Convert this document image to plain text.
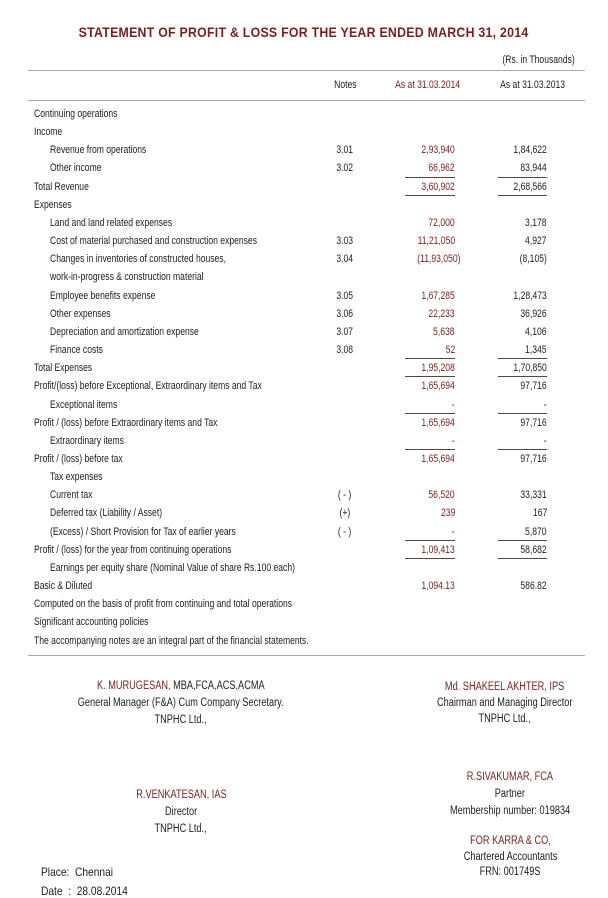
STATEMENT OF PROFIT & LOSS FOR THE YEAR ENDED MARCH 31, 2014
(Rs. in Thousands)
Notes	As at 31.03.2014	As at 31.03.2013
Continuing operations
Income
Revenue from operations	3.01	2,93,940	1,84,622
Other income	3.02	66,962	83,944
Total Revenue	3,60,902	2,68,566
Expenses
Land and land related expenses	72,000	3,178
Cost of material purchased and construction expenses	3.03	11,21,050	4,927
Changes in inventories of constructed houses,	3.04	(11,93,050)	(8,105)
work-in-progress & construction material
Employee benefits expense	3.05	1,67,285	1,28,473
Other expenses	3.06	22,233	36,926
Depreciation and amortization expense	3.07	5,638	4,106
Finance costs	3.08	52	1,345
Total Expenses	1,95,208	1,70,850
Profit/(loss) before Exceptional, Extraordinary items and Tax	1,65,694	97,716
Exceptional items	-	-
Profit / (loss) before Extraordinary items and Tax	1,65,694	97,716
Extraordinary items	-	-
Profit / (loss) before tax	1,65,694	97,716
Tax expenses
Current tax	( - )	56,520	33,331
Deferred tax (Liability / Asset)	(+)	239	167
(Excess) / Short Provision for Tax of earlier years	( - )	-	5,870
Profit / (loss) for the year from continuing operations	1,09,413	58,682
Earnings per equity share (Nominal Value of share Rs.100 each)
Basic & Diluted	1,094.13	586.82
Computed on the basis of profit from continuing and total operations
Significant accounting policies
The accompanying notes are an integral part of the financial statements.
K. MURUGESAN, MBA,FCA,ACS,ACMA
General Manager (F&A) Cum Company Secretary.
TNPHC Ltd.,
Md. SHAKEEL AKHTER, IPS
Chairman and Managing Director
TNPHC Ltd.,
R.VENKATESAN, IAS
Director
TNPHC Ltd.,
R.SIVAKUMAR, FCA
Partner
Membership number: 019834
FOR KARRA & CO,
Chartered Accountants
FRN: 001749S

Place:  Chennai

Date  :  28.08.2014
